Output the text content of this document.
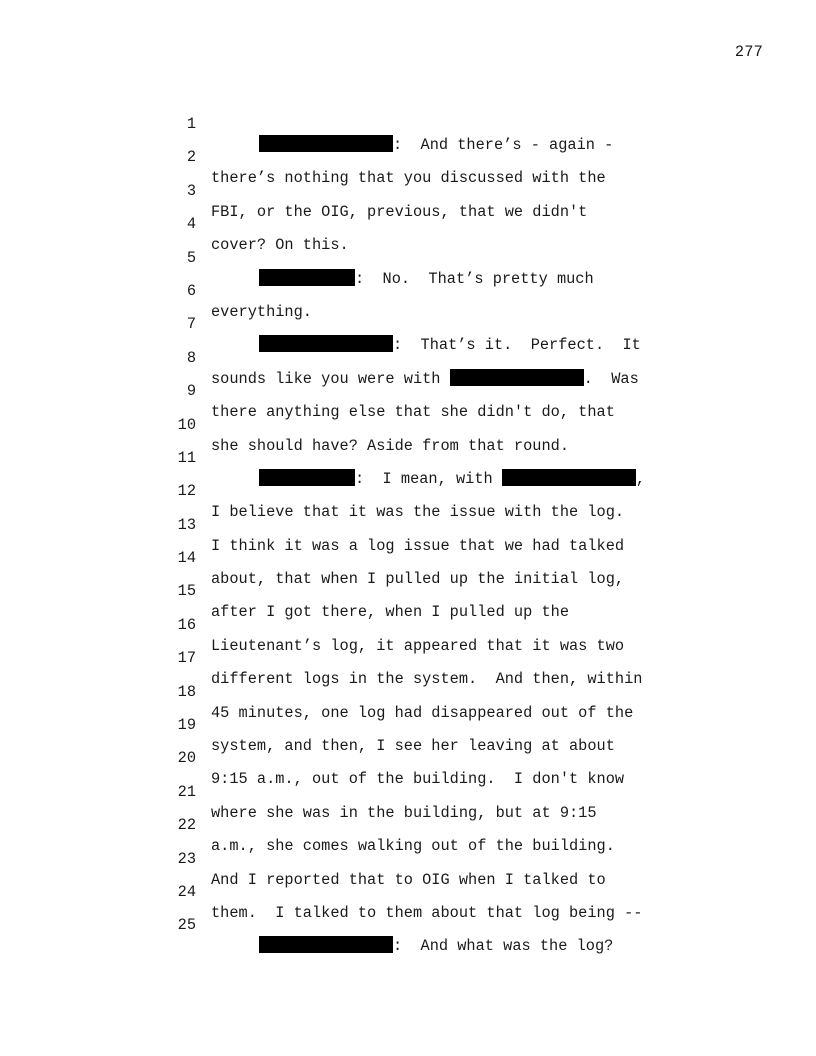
277

1

:  And there’s - again -

2

there’s nothing that you discussed with the

3

FBI, or the OIG, previous, that we didn't

4

cover? On this.

5

:  No.  That’s pretty much

6

everything.

7

:  That’s it.  Perfect.  It

8

sounds like you were with	.  Was

9

there anything else that she didn't do, that

10

she should have? Aside from that round.

11

:  I mean, with	,

12

I believe that it was the issue with the log.

13

I think it was a log issue that we had talked

14

about, that when I pulled up the initial log,

15

after I got there, when I pulled up the

16

Lieutenant’s log, it appeared that it was two

17

different logs in the system.  And then, within

18

45 minutes, one log had disappeared out of the

19

system, and then, I see her leaving at about

20

9:15 a.m., out of the building.  I don't know

21

where she was in the building, but at 9:15

22

a.m., she comes walking out of the building.

23

And I reported that to OIG when I talked to

24

them.  I talked to them about that log being --

25

:  And what was the log?
